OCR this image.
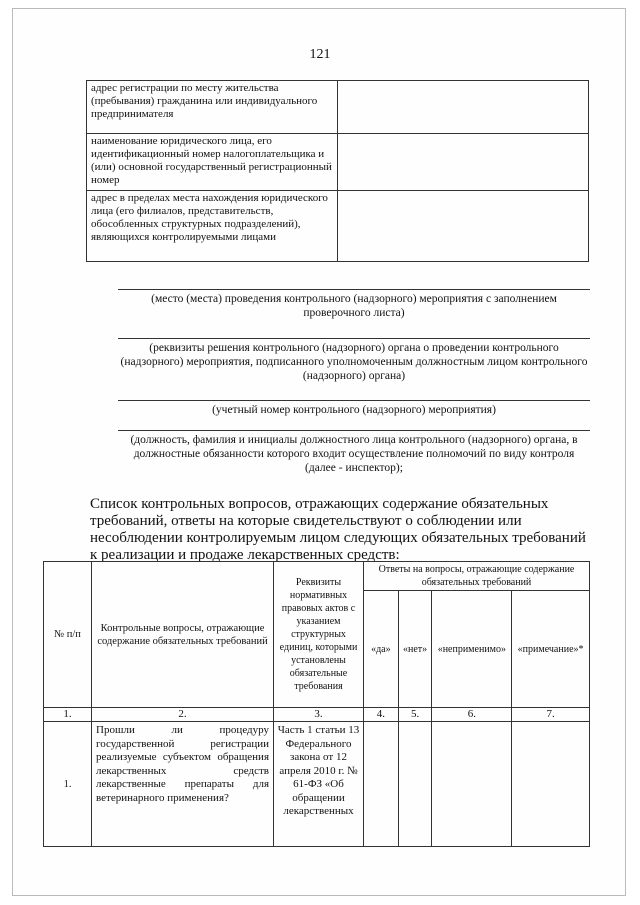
121
адрес регистрации по месту жительства (пребывания) гражданина или индивидуального предпринимателя	
наименование юридического лица, его идентификационный номер налогоплательщика и (или) основной государственный регистрационный номер	
адрес в пределах места нахождения юридического лица (его филиалов, представительств, обособленных структурных подразделений), являющихся контролируемыми лицами	
(место (места) проведения контрольного (надзорного) мероприятия с заполнением проверочного листа)
(реквизиты решения контрольного (надзорного) органа о проведении контрольного (надзорного) мероприятия, подписанного уполномоченным должностным лицом контрольного (надзорного) органа)
(учетный номер контрольного (надзорного) мероприятия)
(должность, фамилия и инициалы должностного лица контрольного (надзорного) органа, в должностные обязанности которого входит осуществление полномочий по виду контроля (далее - инспектор);
Список контрольных вопросов, отражающих содержание обязательных требований, ответы на которые свидетельствуют о соблюдении или несоблюдении контролируемым лицом следующих обязательных требований к реализации и продаже лекарственных средств:
№ п/п	Контрольные вопросы, отражающие содержание обязательных требований	Реквизиты нормативных правовых актов с указанием структурных единиц, которыми установлены обязательные требования	Ответы на вопросы, отражающие содержание обязательных требований			
			«да»	«нет»	«неприменимо»	«примечание»*
1.	2.	3.	4.	5.	6.	7.
1.	Прошли ли процедуру государственной регистрации реализуемые субъектом обращения лекарственных средств лекарственные препараты для ветеринарного применения?	Часть 1 статьи 13 Федерального закона от 12 апреля 2010 г. № 61-ФЗ «Об обращении лекарственных				
